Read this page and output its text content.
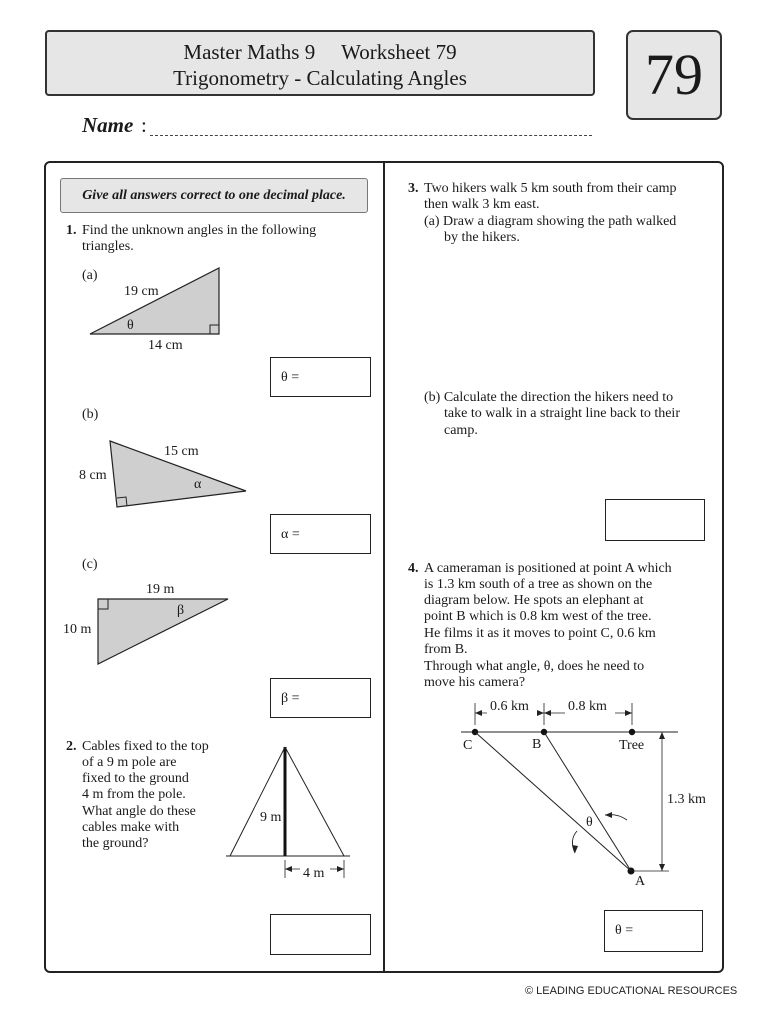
Master Maths 9     Worksheet 79
Trigonometry - Calculating Angles	79
Name :
Give all answers correct to one decimal place.
1. Find the unknown angles in the following
triangles.
(a)
19 cm
14 cm
θ
θ =
(b)
15 cm
8 cm
α
α =
(c)
19 m
10 m
β
β =
2. Cables fixed to the top
of a 9 m pole are
fixed to the ground
4 m from the pole.
What angle do these
cables make with
the ground?
9 m
4 m
3. Two hikers walk 5 km south from their camp
then walk 3 km east.
(a) Draw a diagram showing the path walked
by the hikers.
(b) Calculate the direction the hikers need to
take to walk in a straight line back to their
camp.
4. A cameraman is positioned at point A which
is 1.3 km south of a tree as shown on the
diagram below. He spots an elephant at
point B which is 0.8 km west of the tree.
He films it as it moves to point C, 0.6 km
from B.
Through what angle, θ, does he need to
move his camera?
0.6 km	0.8 km
1.3 km
C	B	Tree
A
θ
θ =
© LEADING EDUCATIONAL RESOURCES
